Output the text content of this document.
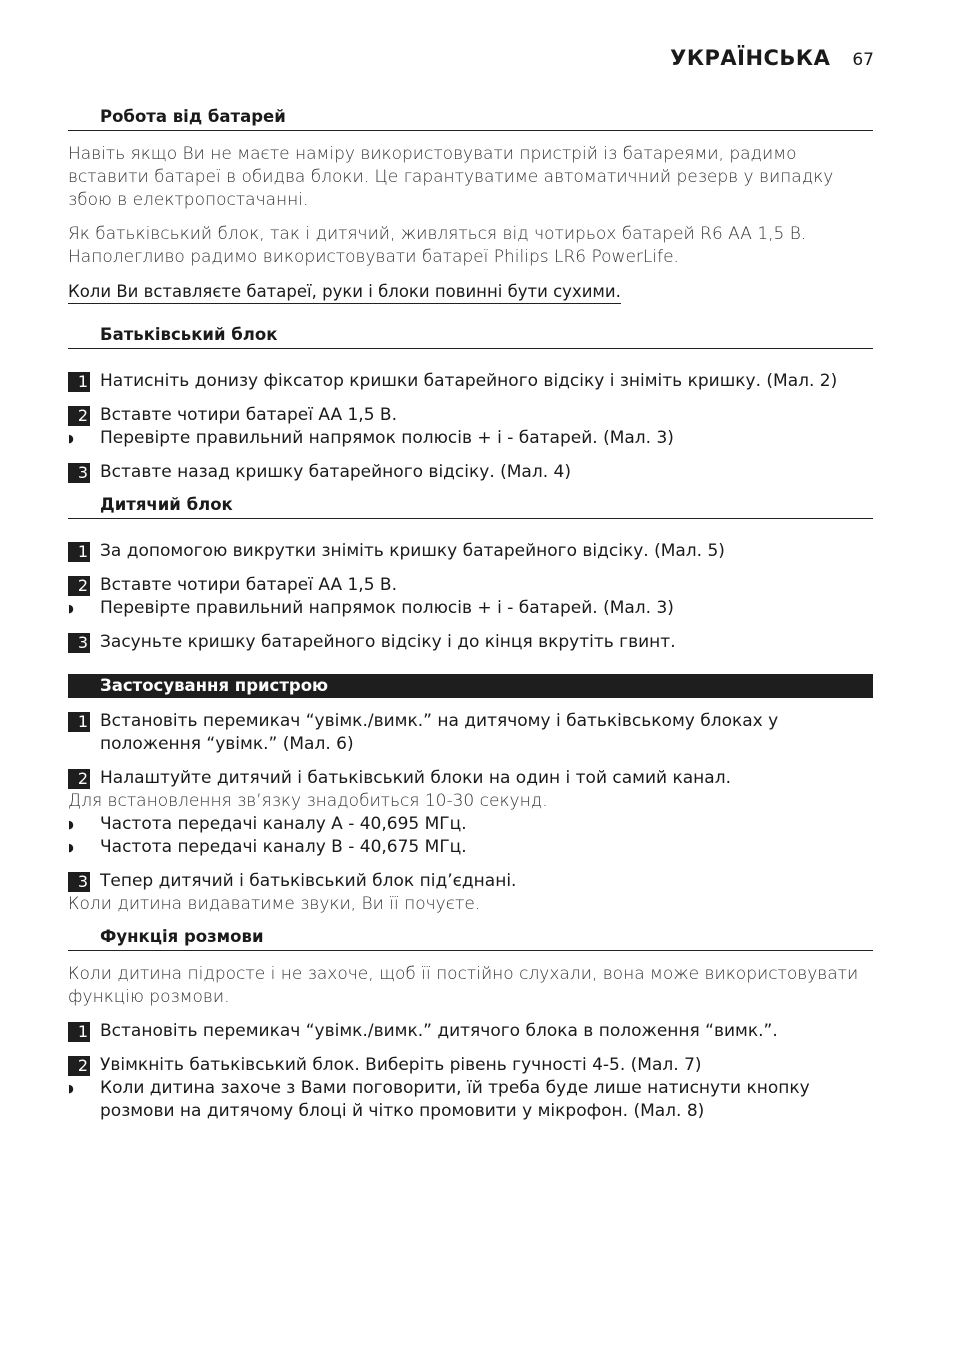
УКРАЇНСЬКА 67
Робота від батарей

Навіть якщо Ви не маєте наміру використовувати пристрій із батареями, радимо вставити батареї в обидва блоки. Це гарантуватиме автоматичний резерв у випадку збою в електропостачанні.

Як батьківський блок, так і дитячий, живляться від чотирьох батарей R6 AA 1,5 В. Наполегливо радимо використовувати батареї Philips LR6 PowerLife.

Коли Ви вставляєте батареї, руки і блоки повинні бути сухими.
Батьківський блок
1 Натисніть донизу фіксатор кришки батарейного відсіку і зніміть кришку. (Мал. 2)
2 Вставте чотири батареї AA 1,5 В.
◗	Перевірте правильний напрямок полюсів + і - батарей. (Мал. 3)
3 Вставте назад кришку батарейного відсіку. (Мал. 4)
Дитячий блок
1 За допомогою викрутки зніміть кришку батарейного відсіку. (Мал. 5)
2 Вставте чотири батареї AA 1,5 В.
◗	Перевірте правильний напрямок полюсів + і - батарей. (Мал. 3)
3 Засуньте кришку батарейного відсіку і до кінця вкрутіть гвинт.
Застосування пристрою
1 Встановіть перемикач “увімк./вимк.” на дитячому і батьківському блоках у положення “увімк.” (Мал. 6)
2 Налаштуйте дитячий і батьківський блоки на один і той самий канал.

Для встановлення зв’язку знадобиться 10-30 секунд.

◗	Частота передачі каналу A - 40,695 МГц.
◗	Частота передачі каналу B - 40,675 МГц.
3 Тепер дитячий і батьківський блок під’єднані.

Коли дитина видаватиме звуки, Ви її почуєте.

Функція розмови

Коли дитина підросте і не захоче, щоб її постійно слухали, вона може використовувати функцію розмови.

1 Встановіть перемикач “увімк./вимк.” дитячого блока в положення “вимк.”.
2 Увімкніть батьківський блок. Виберіть рівень гучності 4-5. (Мал. 7)
◗	Коли дитина захоче з Вами поговорити, їй треба буде лише натиснути кнопку розмови на дитячому блоці й чітко промовити у мікрофон. (Мал. 8)
